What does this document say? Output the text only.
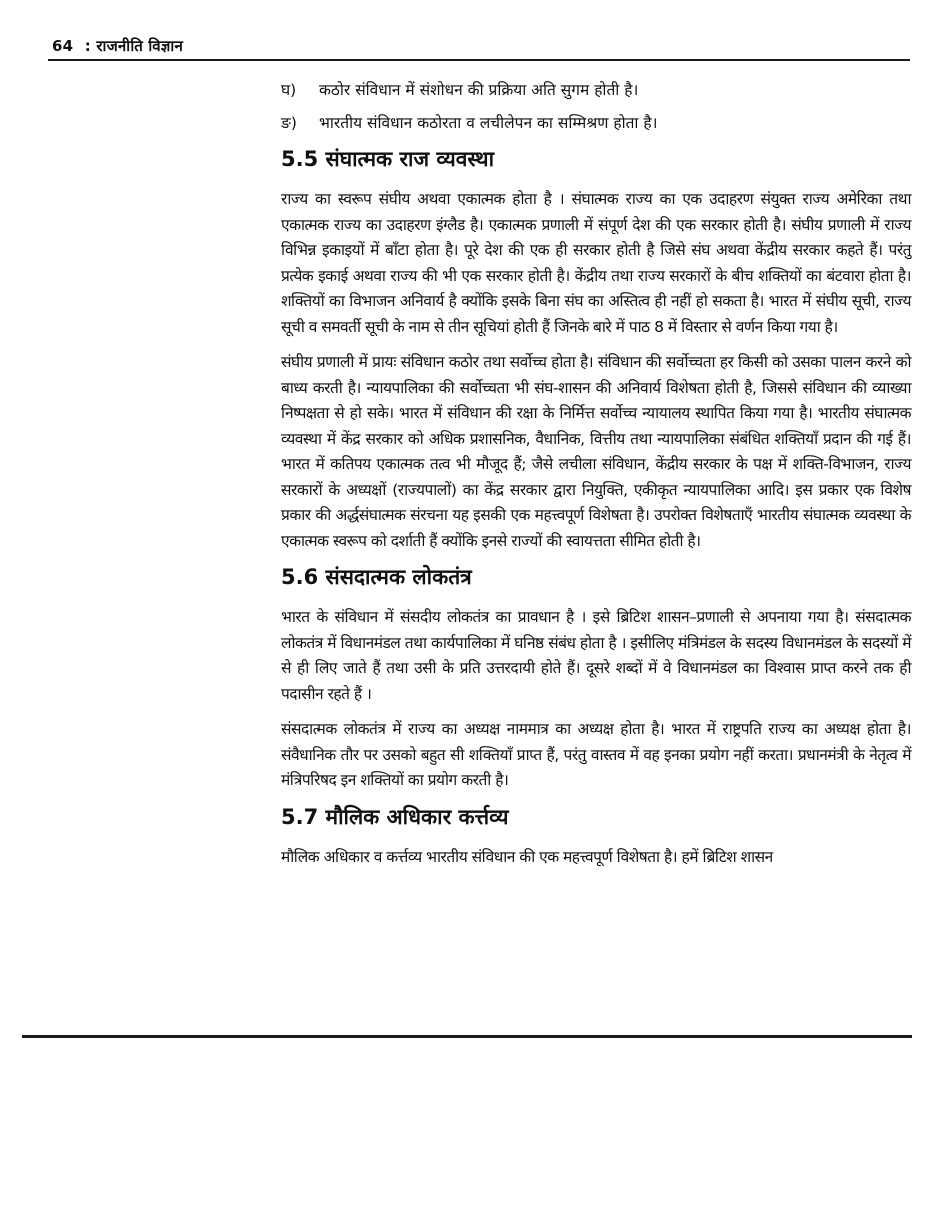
64 : राजनीति विज्ञान
घ)	कठोर संविधान में संशोधन की प्रक्रिया अति सुगम होती है।
ङ)	भारतीय संविधान कठोरता व लचीलेपन का सम्मिश्रण होता है।
5.5 संघात्मक राज व्यवस्था

राज्य का स्वरूप संघीय अथवा एकात्मक होता है । संघात्मक राज्य का एक उदाहरण संयुक्त राज्य अमेरिका तथा एकात्मक राज्य का उदाहरण इंग्लैड है। एकात्मक प्रणाली में संपूर्ण देश की एक सरकार होती है। संघीय प्रणाली में राज्य विभिन्न इकाइयों में बाँटा होता है। पूरे देश की एक ही सरकार होती है जिसे संघ अथवा केंद्रीय सरकार कहते हैं। परंतु प्रत्येक इकाई अथवा राज्य की भी एक सरकार होती है। केंद्रीय तथा राज्य सरकारों के बीच शक्तियों का बंटवारा होता है। शक्तियों का विभाजन अनिवार्य है क्योंकि इसके बिना संघ का अस्तित्व ही नहीं हो सकता है। भारत में संघीय सूची, राज्य सूची व समवर्ती सूची के नाम से तीन सूचियां होती हैं जिनके बारे में पाठ 8 में विस्तार से वर्णन किया गया है।

संघीय प्रणाली में प्रायः संविधान कठोर तथा सर्वोच्च होता है। संविधान की सर्वोच्चता हर किसी को उसका पालन करने को बाध्य करती है। न्यायपालिका की सर्वोच्चता भी संघ-शासन की अनिवार्य विशेषता होती है, जिससे संविधान की व्याख्या निष्पक्षता से हो सके। भारत में संविधान की रक्षा के निर्मित्त सर्वोच्च न्यायालय स्थापित किया गया है। भारतीय संघात्मक व्यवस्था में केंद्र सरकार को अधिक प्रशासनिक, वैधानिक, वित्तीय तथा न्यायपालिका संबंधित शक्तियाँ प्रदान की गई हैं। भारत में कतिपय एकात्मक तत्व भी मौजूद हैं; जैसे लचीला संविधान, केंद्रीय सरकार के पक्ष में शक्ति-विभाजन, राज्य सरकारों के अध्यक्षों (राज्यपालों) का केंद्र सरकार द्वारा नियुक्ति, एकीकृत न्यायपालिका आदि। इस प्रकार एक विशेष प्रकार की अर्द्धसंघात्मक संरचना यह इसकी एक महत्त्वपूर्ण विशेषता है। उपरोक्त विशेषताएँ भारतीय संघात्मक व्यवस्था के एकात्मक स्वरूप को दर्शाती हैं क्योंकि इनसे राज्यों की स्वायत्तता सीमित होती है।

5.6 संसदात्मक लोकतंत्र

भारत के संविधान में संसदीय लोकतंत्र का प्रावधान है । इसे ब्रिटिश शासन–प्रणाली से अपनाया गया है। संसदात्मक लोकतंत्र में विधानमंडल तथा कार्यपालिका में घनिष्ठ संबंध होता है । इसीलिए मंत्रिमंडल के सदस्य विधानमंडल के सदस्यों में से ही लिए जाते हैं तथा उसी के प्रति उत्तरदायी होते हैं। दूसरे शब्दों में वे विधानमंडल का विश्वास प्राप्त करने तक ही पदासीन रहते हैं ।

संसदात्मक लोकतंत्र में राज्य का अध्यक्ष नाममात्र का अध्यक्ष होता है। भारत में राष्ट्रपति राज्य का अध्यक्ष होता है। संवैधानिक तौर पर उसको बहुत सी शक्तियाँ प्राप्त हैं, परंतु वास्तव में वह इनका प्रयोग नहीं करता। प्रधानमंत्री के नेतृत्व में मंत्रिपरिषद इन शक्तियों का प्रयोग करती है।

5.7 मौलिक अधिकार कर्त्तव्य

मौलिक अधिकार व कर्त्तव्य भारतीय संविधान की एक महत्त्वपूर्ण विशेषता है। हमें ब्रिटिश शासन
